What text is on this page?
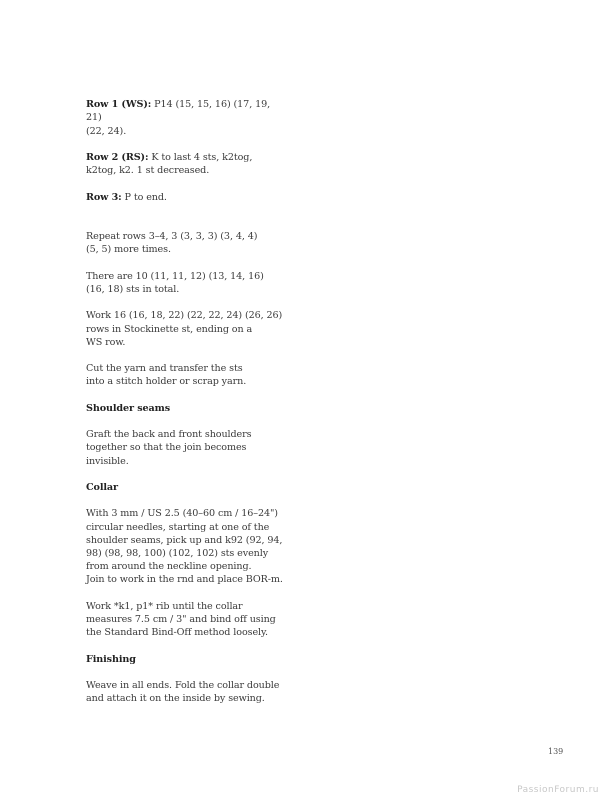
Row 1 (WS): P14 (15, 15, 16) (17, 19, 21)
(22, 24).

Row 2 (RS): K to last 4 sts, k2tog,
k2tog, k2. 1 st decreased.

Row 3: P to end.

Repeat rows 3–4, 3 (3, 3, 3) (3, 4, 4)
(5, 5) more times.

There are 10 (11, 11, 12) (13, 14, 16)
(16, 18) sts in total.

Work 16 (16, 18, 22) (22, 22, 24) (26, 26)
rows in Stockinette st, ending on a
WS row.

Cut the yarn and transfer the sts
into a stitch holder or scrap yarn.

Shoulder seams

Graft the back and front shoulders
together so that the join becomes
invisible.

Collar

With 3 mm / US 2.5 (40–60 cm / 16–24")
circular needles, starting at one of the
shoulder seams, pick up and k92 (92, 94,
98) (98, 98, 100) (102, 102) sts evenly
from around the neckline opening.
Join to work in the rnd and place BOR-m.

Work *k1, p1* rib until the collar
measures 7.5 cm / 3" and bind off using
the Standard Bind-Off method loosely.

Finishing

Weave in all ends. Fold the collar double
and attach it on the inside by sewing.

139
PassionForum.ru
